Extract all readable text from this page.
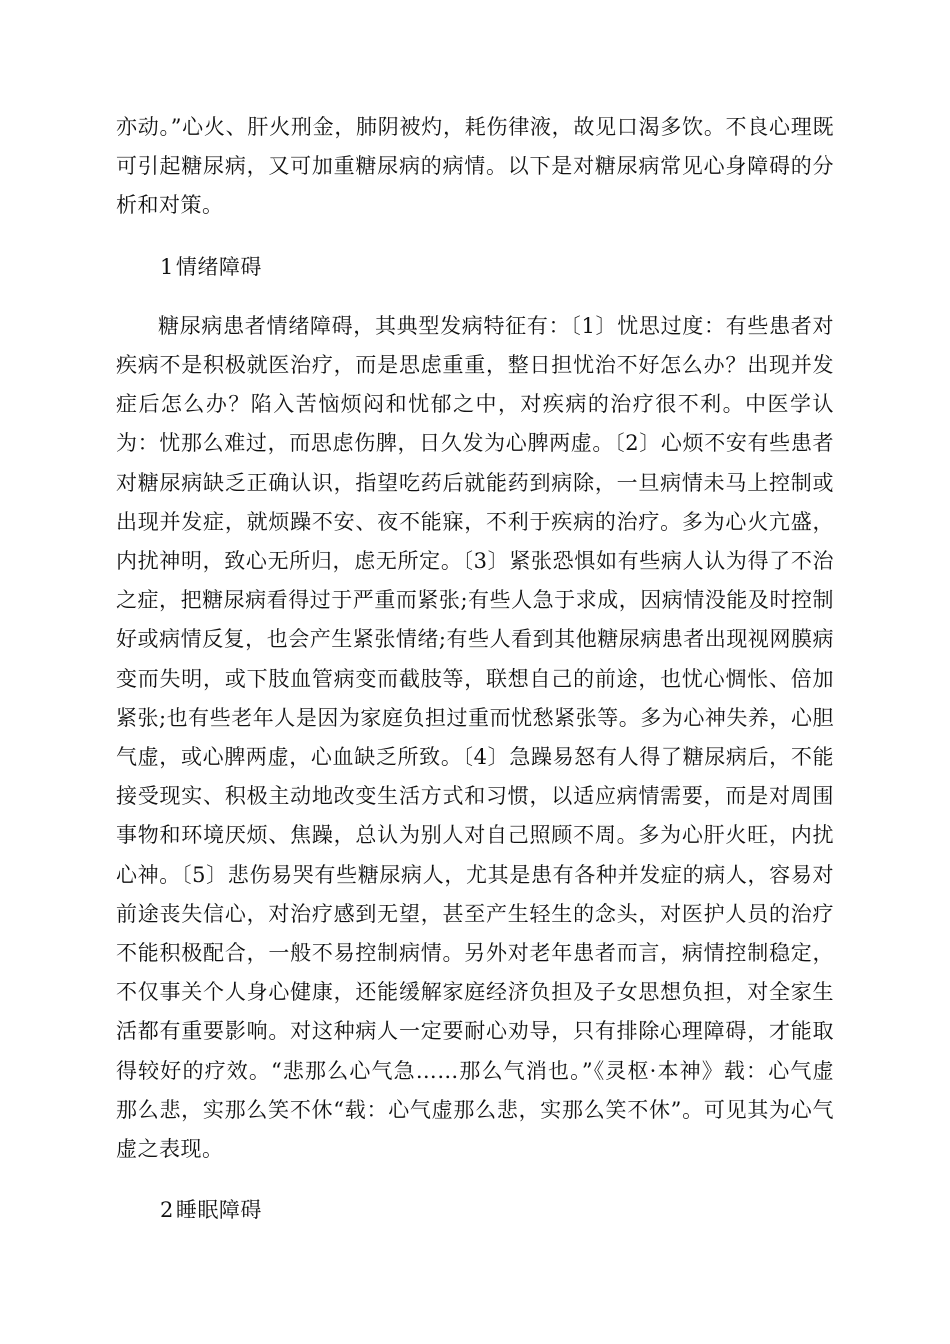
亦动。”心火、肝火刑金，肺阴被灼，耗伤律液，故见口渴多饮。不良心理既可引起糖尿病，又可加重糖尿病的病情。以下是对糖尿病常见心身障碍的分析和对策。

1情绪障碍

糖尿病患者情绪障碍，其典型发病特征有：〔1〕忧思过度：有些患者对疾病不是积极就医治疗，而是思虑重重，整日担忧治不好怎么办？出现并发症后怎么办？陷入苦恼烦闷和忧郁之中，对疾病的治疗很不利。中医学认为：忧那么难过，而思虑伤脾，日久发为心脾两虚。〔2〕心烦不安有些患者对糖尿病缺乏正确认识，指望吃药后就能药到病除，一旦病情未马上控制或出现并发症，就烦躁不安、夜不能寐，不利于疾病的治疗。多为心火亢盛，内扰神明，致心无所归，虑无所定。〔3〕紧张恐惧如有些病人认为得了不治之症，把糖尿病看得过于严重而紧张;有些人急于求成，因病情没能及时控制好或病情反复，也会产生紧张情绪;有些人看到其他糖尿病患者出现视网膜病变而失明，或下肢血管病变而截肢等，联想自己的前途，也忧心惆怅、倍加紧张;也有些老年人是因为家庭负担过重而忧愁紧张等。多为心神失养，心胆气虚，或心脾两虚，心血缺乏所致。〔4〕急躁易怒有人得了糖尿病后，不能接受现实、积极主动地改变生活方式和习惯，以适应病情需要，而是对周围事物和环境厌烦、焦躁，总认为别人对自己照顾不周。多为心肝火旺，内扰心神。〔5〕悲伤易哭有些糖尿病人，尤其是患有各种并发症的病人，容易对前途丧失信心，对治疗感到无望，甚至产生轻生的念头，对医护人员的治疗不能积极配合，一般不易控制病情。另外对老年患者而言，病情控制稳定，不仅事关个人身心健康，还能缓解家庭经济负担及子女思想负担，对全家生活都有重要影响。对这种病人一定要耐心劝导，只有排除心理障碍，才能取得较好的疗效。“悲那么心气急……那么气消也。”《灵枢·本神》载：心气虚那么悲，实那么笑不休“载：心气虚那么悲，实那么笑不休”。可见其为心气虚之表现。

2睡眠障碍
